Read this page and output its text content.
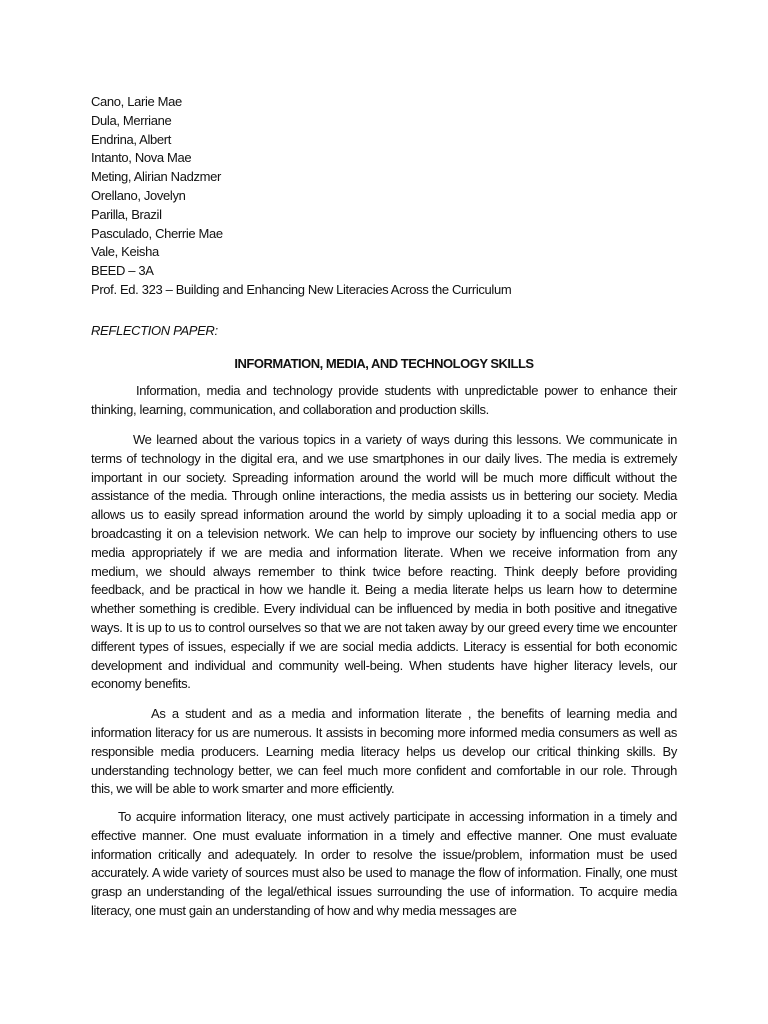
Cano, Larie Mae
Dula, Merriane
Endrina, Albert
Intanto, Nova Mae
Meting, Alirian Nadzmer
Orellano, Jovelyn
Parilla, Brazil
Pasculado, Cherrie Mae
Vale, Keisha
BEED – 3A
Prof. Ed. 323 – Building and Enhancing New Literacies Across the Curriculum
REFLECTION PAPER:
INFORMATION, MEDIA, AND TECHNOLOGY SKILLS

Information, media and technology provide students with unpredictable power to enhance their thinking, learning, communication, and collaboration and production skills.

We learned about the various topics in a variety of ways during this lessons. We communicate in terms of technology in the digital era, and we use smartphones in our daily lives. The media is extremely important in our society. Spreading information around the world will be much more difficult without the assistance of the media. Through online interactions, the media assists us in bettering our society. Media allows us to easily spread information around the world by simply uploading it to a social media app or broadcasting it on a television network. We can help to improve our society by influencing others to use media appropriately if we are media and information literate. When we receive information from any medium, we should always remember to think twice before reacting. Think deeply before providing feedback, and be practical in how we handle it. Being a media literate helps us learn how to determine whether something is credible. Every individual can be influenced by media in both positive and itnegative ways. It is up to us to control ourselves so that we are not taken away by our greed every time we encounter different types of issues, especially if we are social media addicts. Literacy is essential for both economic development and individual and community well-being. When students have higher literacy levels, our economy benefits.

As a student and as a media and information literate , the benefits of learning media and information literacy for us are numerous. It assists in becoming more informed media consumers as well as responsible media producers. Learning media literacy helps us develop our critical thinking skills. By understanding technology better, we can feel much more confident and comfortable in our role. Through this, we will be able to work smarter and more efficiently.

To acquire information literacy, one must actively participate in accessing information in a timely and effective manner. One must evaluate information in a timely and effective manner. One must evaluate information critically and adequately. In order to resolve the issue/problem, information must be used accurately. A wide variety of sources must also be used to manage the flow of information. Finally, one must grasp an understanding of the legal/ethical issues surrounding the use of information. To acquire media literacy, one must gain an understanding of how and why media messages are
